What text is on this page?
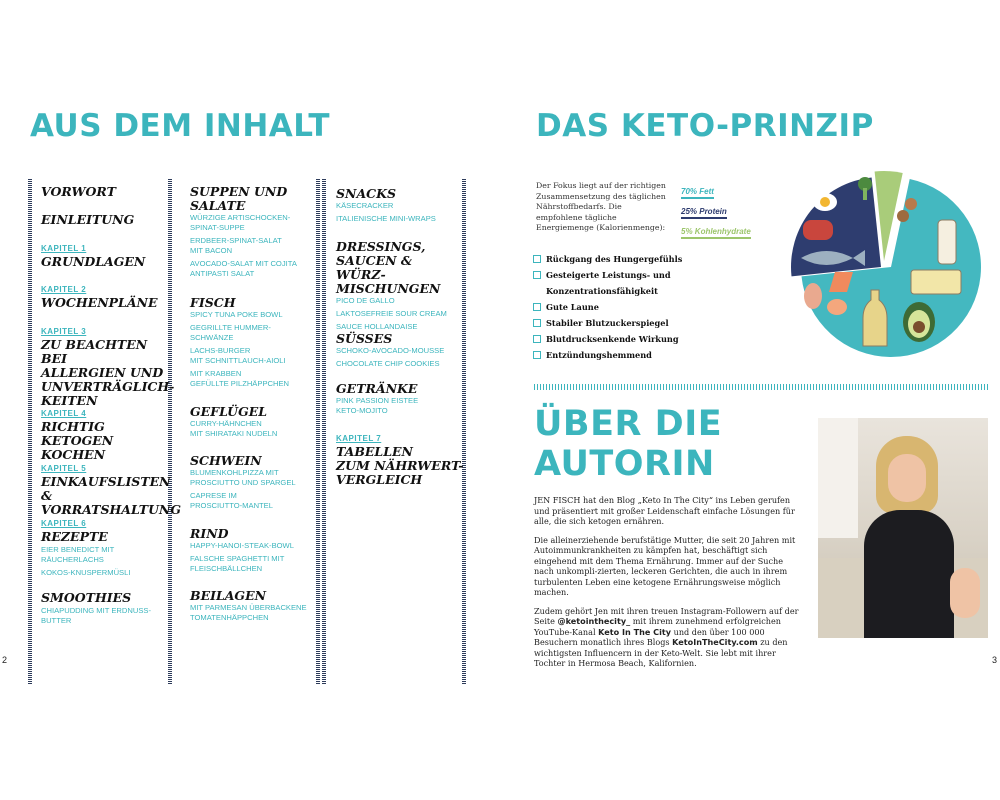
AUS DEM INHALT
VORWORT
EINLEITUNG
KAPITEL 1
GRUNDLAGEN
KAPITEL 2
WOCHENPLÄNE
KAPITEL 3
ZU BEACHTEN BEI
ALLERGIEN UND
UNVERTRÄGLICH-
KEITEN
KAPITEL 4
RICHTIG KETOGEN
KOCHEN
KAPITEL 5
EINKAUFSLISTEN &
VORRATSHALTUNG
KAPITEL 6
REZEPTE
EIER BENEDICT MIT
RÄUCHERLACHS
KOKOS-KNUSPERMÜSLI
SMOOTHIES
CHIAPUDDING MIT ERDNUSS-
BUTTER
SUPPEN UND
SALATE
WÜRZIGE ARTISCHOCKEN-
SPINAT-SUPPE
ERDBEER-SPINAT-SALAT
MIT BACON
AVOCADO-SALAT MIT COJITA
ANTIPASTI SALAT
FISCH
SPICY TUNA POKE BOWL
GEGRILLTE HUMMER-
SCHWÄNZE
LACHS-BURGER
MIT SCHNITTLAUCH-AIOLI
MIT KRABBEN
GEFÜLLTE PILZHÄPPCHEN
GEFLÜGEL
CURRY-HÄHNCHEN
MIT SHIRATAKI NUDELN
SCHWEIN
BLUMENKOHLPIZZA MIT
PROSCIUTTO UND SPARGEL
CAPRESE IM
PROSCIUTTO-MANTEL
RIND
HAPPY-HANOI-STEAK-BOWL
FALSCHE SPAGHETTI MIT
FLEISCHBÄLLCHEN
BEILAGEN
MIT PARMESAN ÜBERBACKENE
TOMATENHÄPPCHEN
SNACKS
KÄSECRACKER
ITALIENISCHE MINI-WRAPS
DRESSINGS,
SAUCEN & WÜRZ-
MISCHUNGEN
PICO DE GALLO
LAKTOSEFREIE SOUR CREAM
SAUCE HOLLANDAISE
SÜSSES
SCHOKO-AVOCADO-MOUSSE
CHOCOLATE CHIP COOKIES
GETRÄNKE
PINK PASSION EISTEE
KETO-MOJITO
KAPITEL 7
TABELLEN
ZUM NÄHRWERT-
VERGLEICH
2
DAS KETO-PRINZIP
Der Fokus liegt auf der richtigen Zusammensetzung des täglichen Nährstoffbedarfs. Die empfohlene tägliche Energiemenge (Kalorienmenge):

70% Fett

25% Protein

5% Kohlenhydrate

Rückgang des Hungergefühls
Gesteigerte Leistungs- und
Konzentrationsfähigkeit
Gute Laune
Stabiler Blutzuckerspiegel
Blutdrucksenkende Wirkung
Entzündungshemmend
ÜBER DIE
AUTORIN

JEN FISCH hat den Blog „Keto In The City“ ins Leben gerufen und präsentiert mit großer Leidenschaft einfache Lösungen für alle, die sich ketogen ernähren.

Die alleinerziehende berufstätige Mutter, die seit 20 Jahren mit Autoimmunkrankheiten zu kämpfen hat, beschäftigt sich eingehend mit dem Thema Ernährung. Immer auf der Suche nach unkompli-zierten, leckeren Gerichten, die auch in ihrem turbulenten Leben eine ketogene Ernährungsweise möglich machen.

Zudem gehört Jen mit ihren treuen Instagram-Followern auf der Seite @ketointhecity_ mit ihrem zunehmend erfolgreichen YouTube-Kanal Keto In The City und den über 100 000 Besuchern monatlich ihres Blogs KetoInTheCity.com zu den wichtigsten Influencern in der Keto-Welt. Sie lebt mit ihrer Tochter in Hermosa Beach, Kalifornien.	3
